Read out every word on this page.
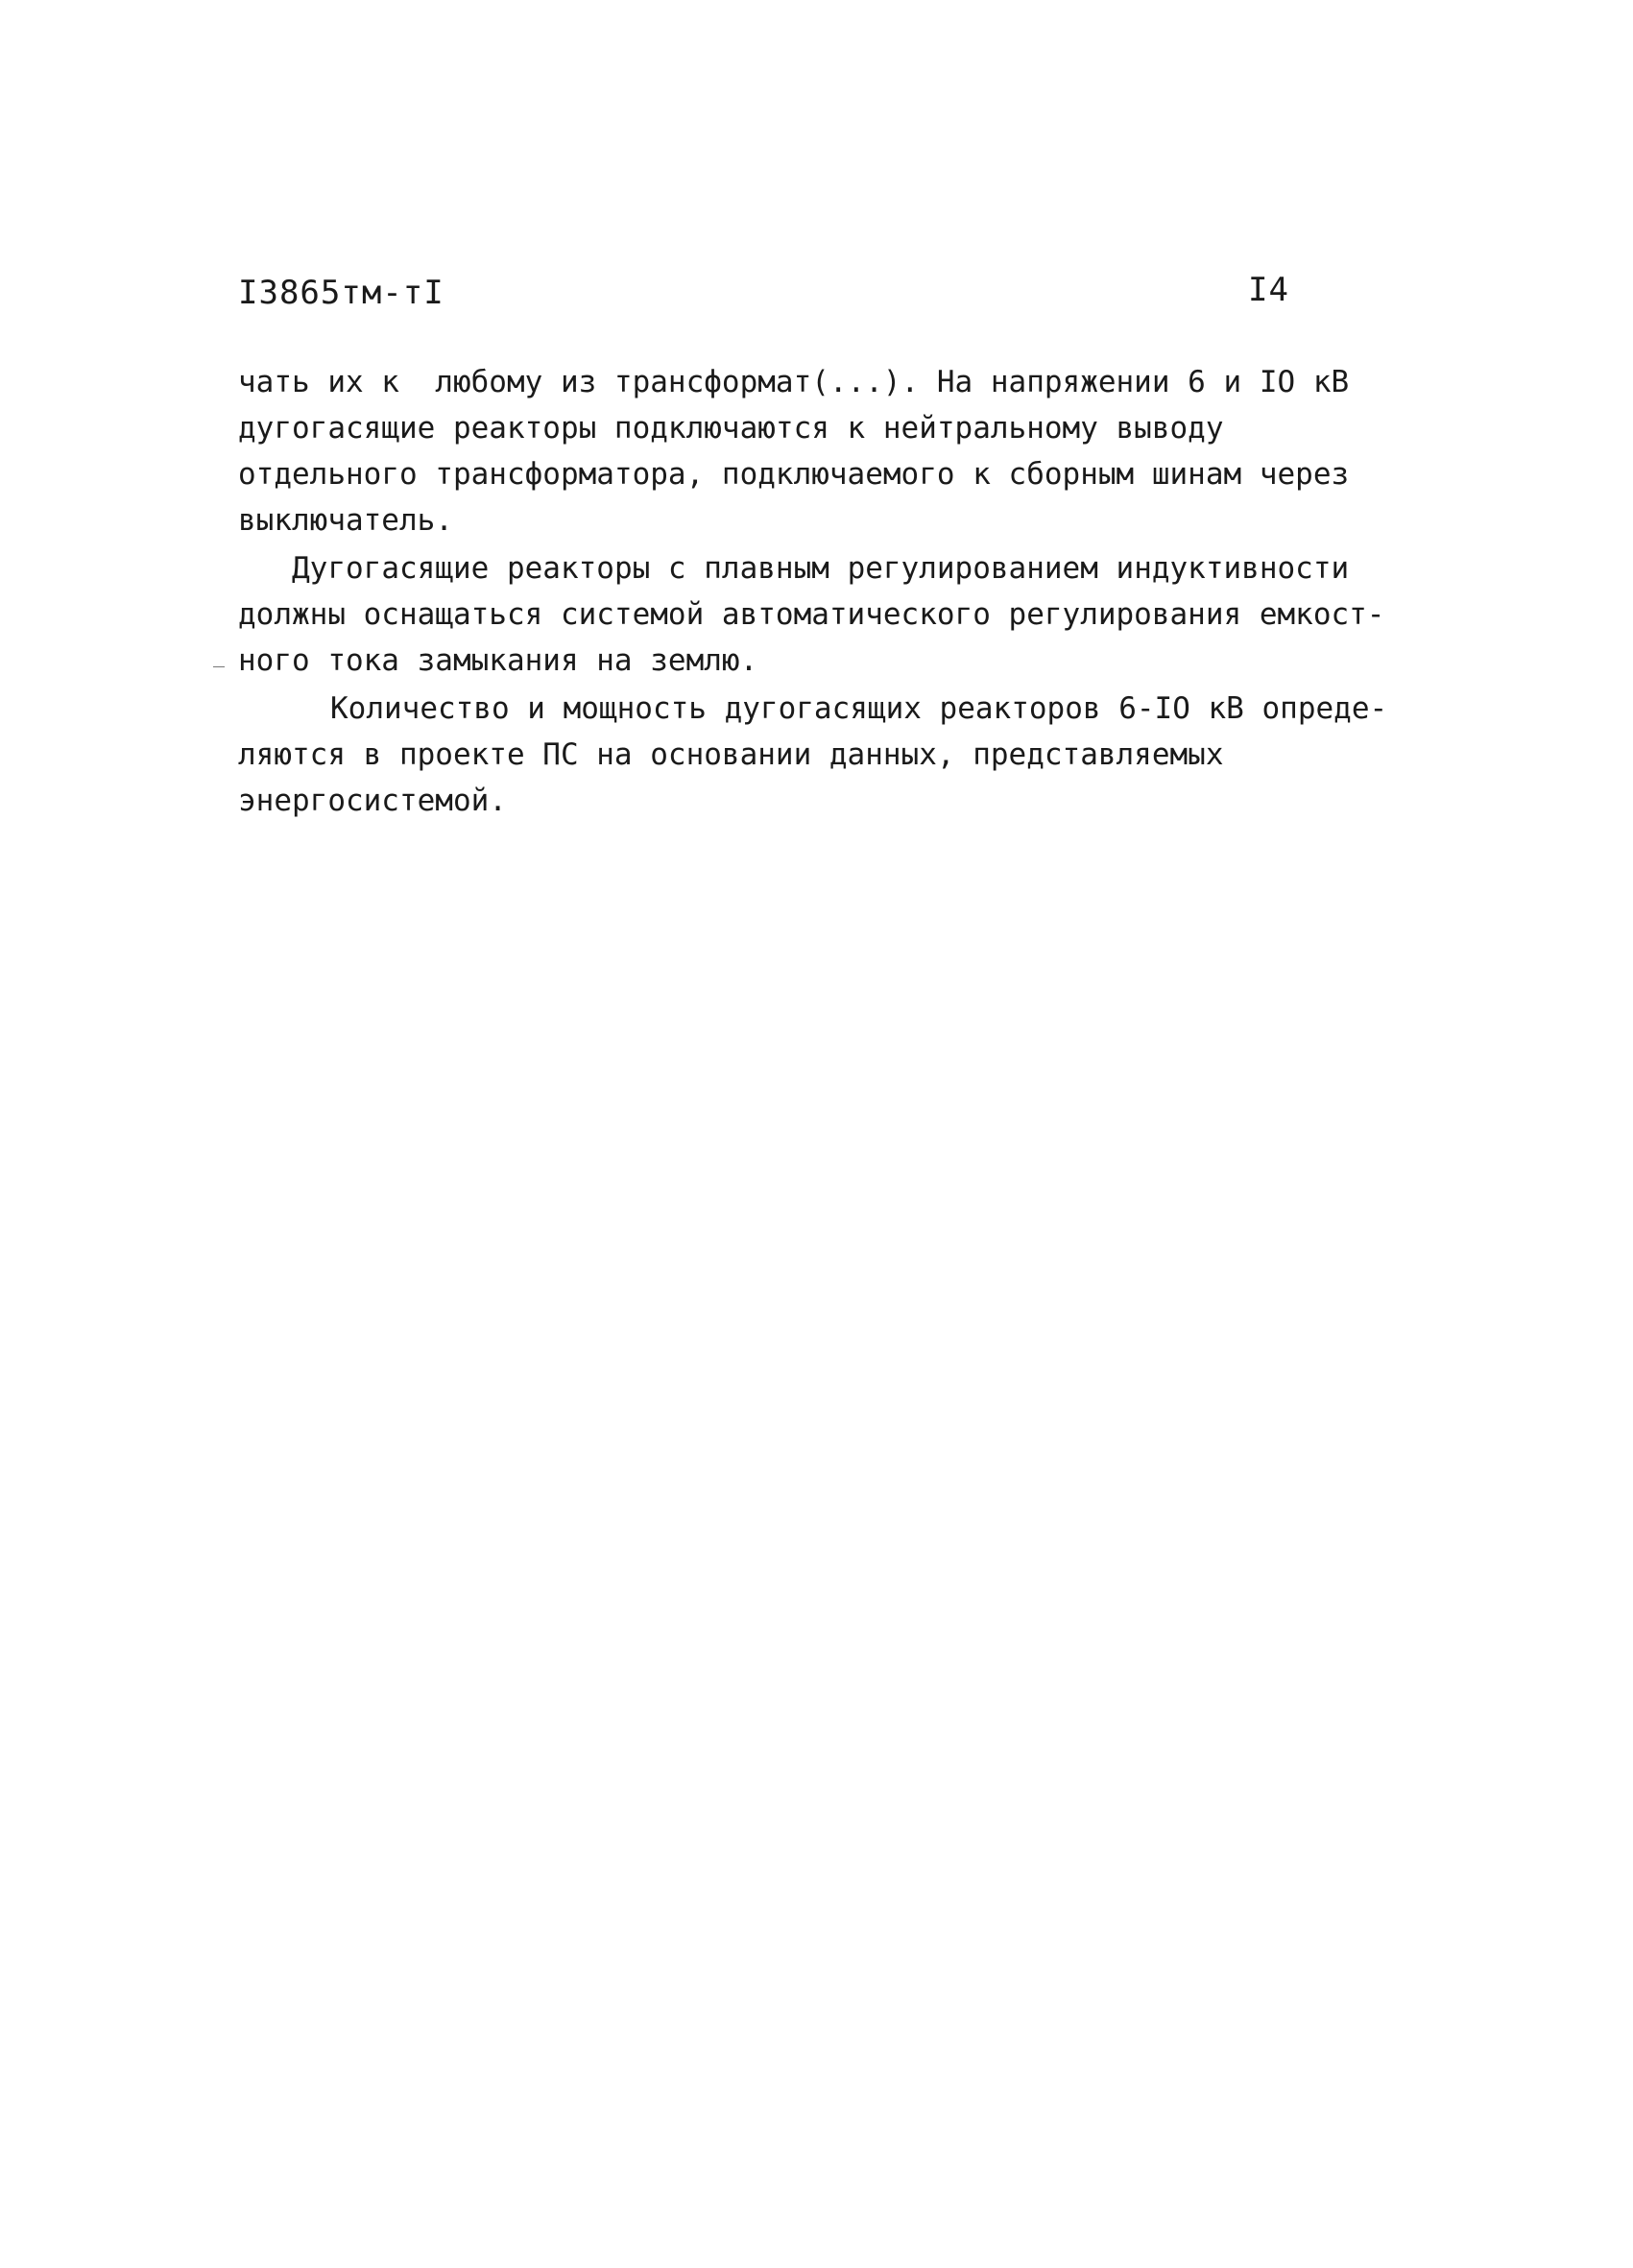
I3865тм-тI	I4
чать их к  любому из трансформат(...). На напряжении 6 и IО кВ
дугогасящие реакторы подключаются к нейтральному выводу
отдельного трансформатора, подключаемого к сборным шинам через
выключатель.
Дугогасящие реакторы с плавным регулированием индуктивности
должны оснащаться системой автоматического регулирования емкост-
ного тока замыкания на землю.
Количество и мощность дугогасящих реакторов 6-IО кВ опреде-
ляются в проекте ПС на основании данных, представляемых
энергосистемой.
